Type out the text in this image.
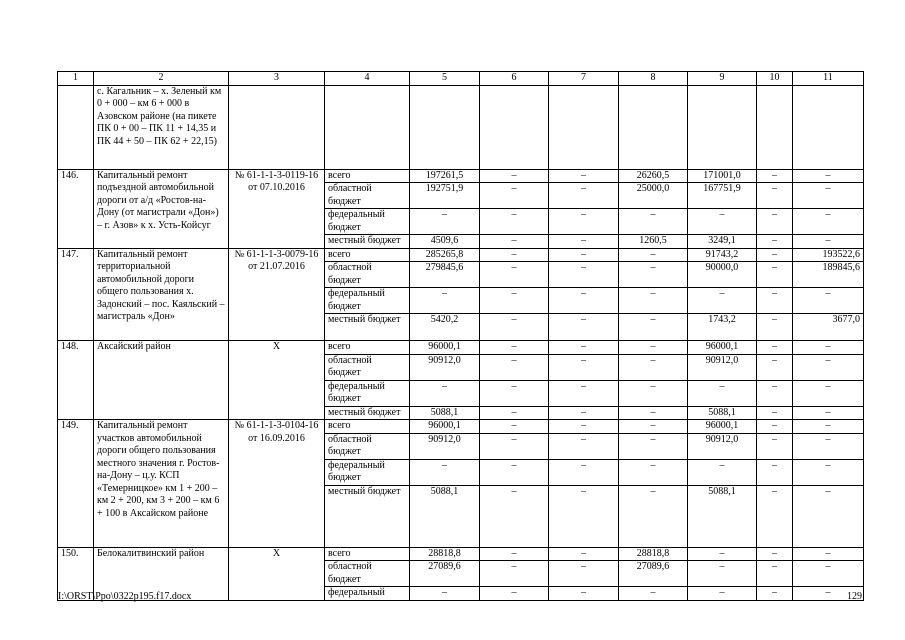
1	2	3	4	5	6	7	8	9	10	11
	с. Кагальник – х. Зеленый км 0 + 000 – км 6 + 000 в Азовском районе (на пикете ПК 0 + 00 – ПК 11 + 14,35 и ПК 44 + 50 – ПК 62 + 22,15)									
146.	Капитальный ремонт подъездной автомобильной дороги от а/д «Ростов-на-Дону (от магистрали «Дон») – г. Азов» к х. Усть-Койсуг	№ 61-1-1-3-0119-16
от 07.10.2016	всего	197261,5	–	–	26260,5	171001,0	–	–
			областной бюджет	192751,9	–	–	25000,0	167751,9	–	–
			федеральный бюджет	–	–	–	–	–	–	–
			местный бюджет	4509,6	–	–	1260,5	3249,1	–	–
147.	Капитальный ремонт территориальной автомобильной дороги общего пользования х. Задонский – пос. Каяльский – магистраль «Дон»	№ 61-1-1-3-0079-16
от 21.07.2016	всего	285265,8	–	–	–	91743,2	–	193522,6
			областной бюджет	279845,6	–	–	–	90000,0	–	189845,6
			федеральный бюджет	–	–	–	–	–	–	–
			местный бюджет	5420,2	–	–	–	1743,2	–	3677,0
148.	Аксайский район	Х	всего	96000,1	–	–	–	96000,1	–	–
			областной бюджет	90912,0	–	–	–	90912,0	–	–
			федеральный бюджет	–	–	–	–	–	–	–
			местный бюджет	5088,1	–	–	–	5088,1	–	–
149.	Капитальный ремонт участков автомобильной дороги общего пользования местного значения г. Ростов-на-Дону – ц.у. КСП «Темерницкое» км 1 + 200 – км 2 + 200, км 3 + 200 – км 6 + 100 в Аксайском районе	№ 61-1-1-3-0104-16
от 16.09.2016	всего	96000,1	–	–	–	96000,1	–	–
			областной бюджет	90912,0	–	–	–	90912,0	–	–
			федеральный бюджет	–	–	–	–	–	–	–
			местный бюджет	5088,1	–	–	–	5088,1	–	–
150.	Белокалитвинский район	Х	всего	28818,8	–	–	28818,8	–	–	–
			областной бюджет	27089,6	–	–	27089,6	–	–	–
			федеральный	–	–	–	–	–	–	–
I:\ORST\Ppo\0322p195.f17.docx	129
